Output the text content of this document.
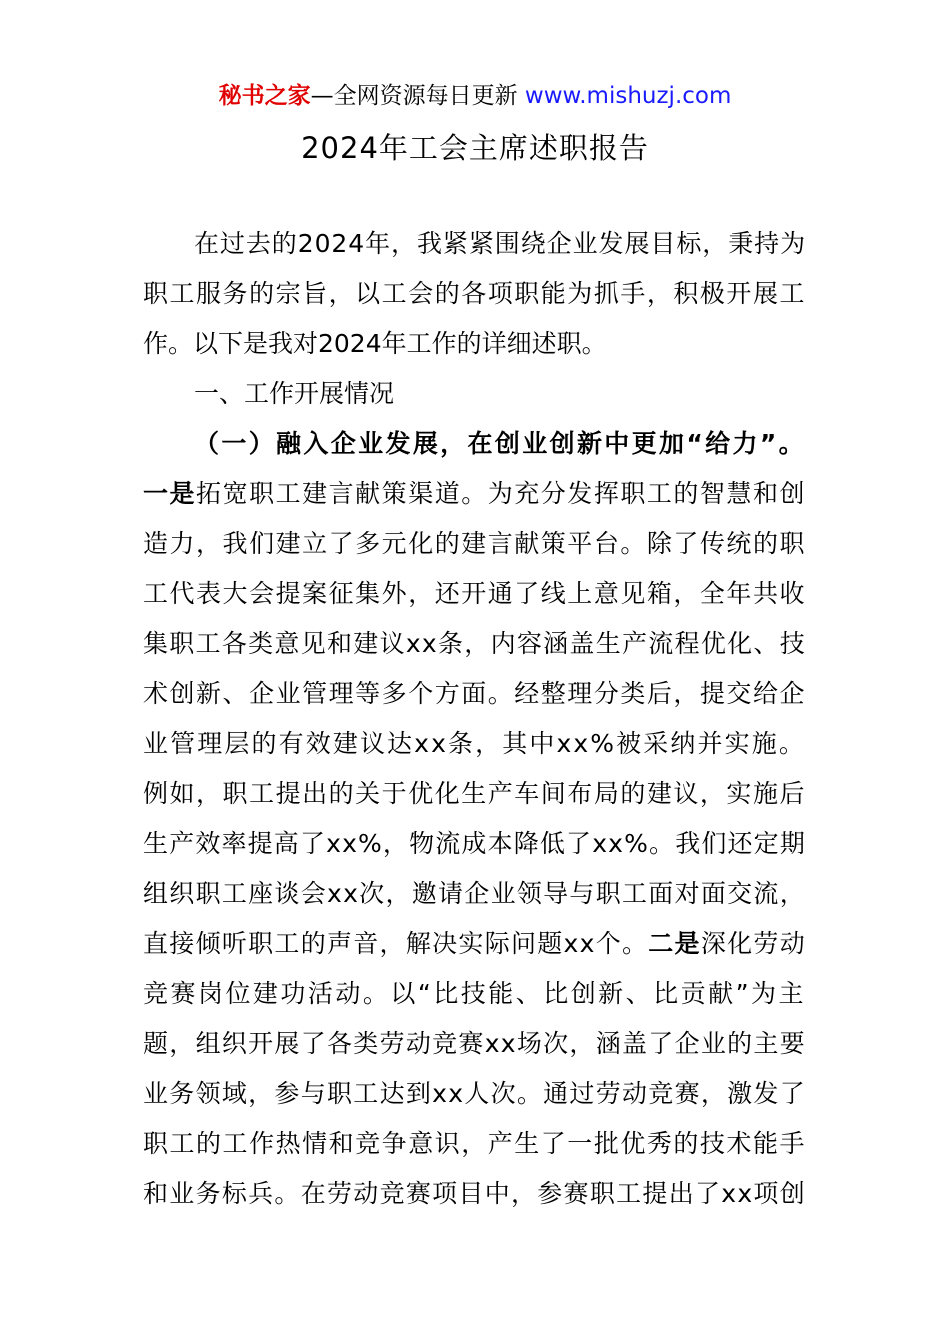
秘书之家—全网资源每日更新 www.mishuzj.com
2024年工会主席述职报告

在过去的2024年，我紧紧围绕企业发展目标，秉持为

职工服务的宗旨，以工会的各项职能为抓手，积极开展工

作。以下是我对2024年工作的详细述职。

一、工作开展情况

（一）融入企业发展，在创业创新中更加“给力”。

一是拓宽职工建言献策渠道。为充分发挥职工的智慧和创

造力，我们建立了多元化的建言献策平台。除了传统的职

工代表大会提案征集外，还开通了线上意见箱，全年共收

集职工各类意见和建议xx条，内容涵盖生产流程优化、技

术创新、企业管理等多个方面。经整理分类后，提交给企

业管理层的有效建议达xx条，其中xx%被采纳并实施。

例如，职工提出的关于优化生产车间布局的建议，实施后

生产效率提高了xx%，物流成本降低了xx%。我们还定期

组织职工座谈会xx次，邀请企业领导与职工面对面交流，

直接倾听职工的声音，解决实际问题xx个。二是深化劳动

竞赛岗位建功活动。以“比技能、比创新、比贡献”为主

题，组织开展了各类劳动竞赛xx场次，涵盖了企业的主要

业务领域，参与职工达到xx人次。通过劳动竞赛，激发了

职工的工作热情和竞争意识，产生了一批优秀的技术能手

和业务标兵。在劳动竞赛项目中，参赛职工提出了xx项创
